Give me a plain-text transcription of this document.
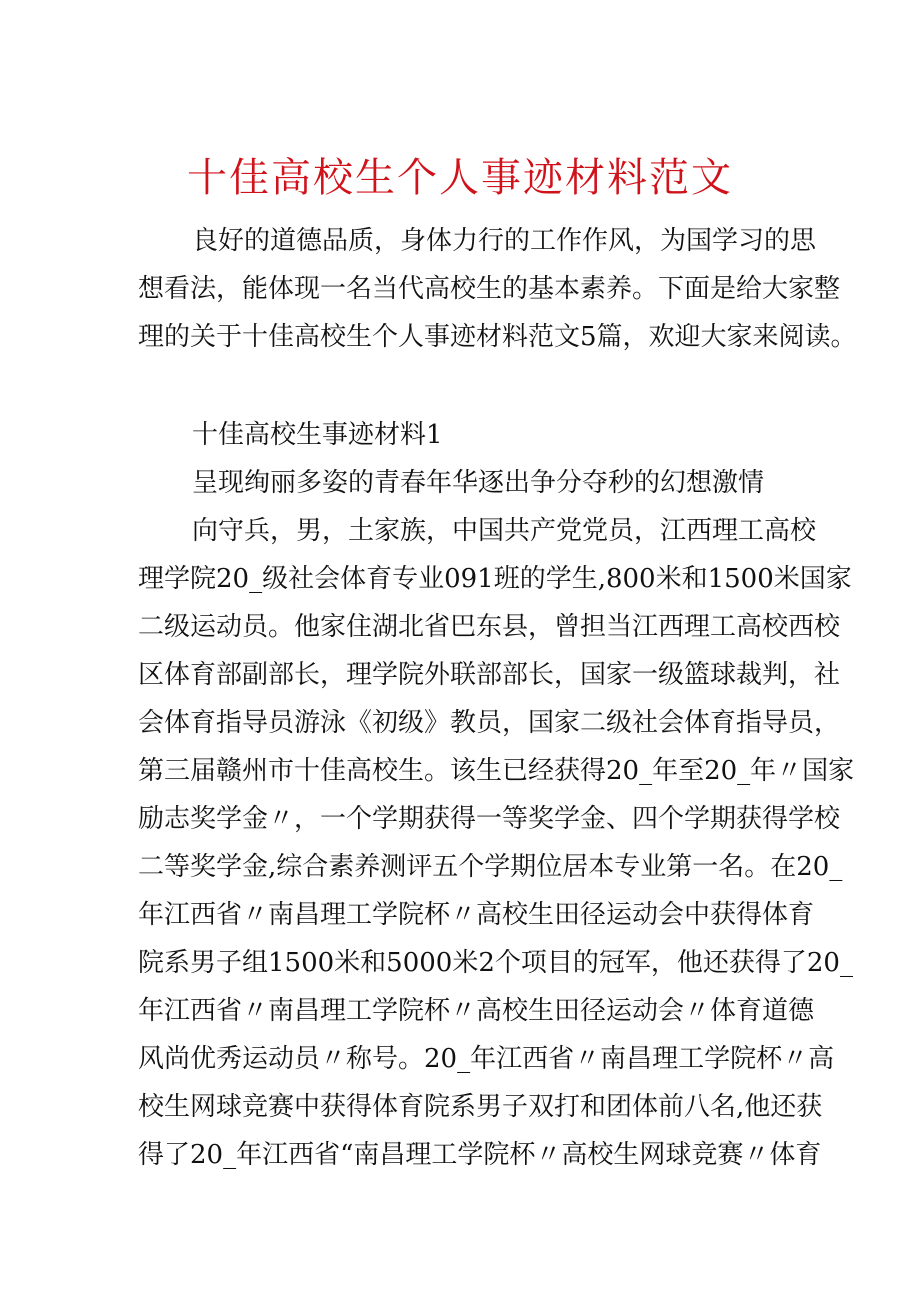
十佳高校生个人事迹材料范文
良好的道德品质，身体力行的工作作风，为国学习的思
想看法，能体现一名当代高校生的基本素养。下面是给大家整
理的关于十佳高校生个人事迹材料范文5篇，欢迎大家来阅读。
十佳高校生事迹材料1
呈现绚丽多姿的青春年华逐出争分夺秒的幻想激情
向守兵，男，土家族，中国共产党党员，江西理工高校
理学院20_级社会体育专业091班的学生,800米和1500米国家
二级运动员。他家住湖北省巴东县，曾担当江西理工高校西校
区体育部副部长，理学院外联部部长，国家一级篮球裁判，社
会体育指导员游泳《初级》教员，国家二级社会体育指导员，
第三届赣州市十佳高校生。该生已经获得20_年至20_年〃国家
励志奖学金〃，一个学期获得一等奖学金、四个学期获得学校
二等奖学金,综合素养测评五个学期位居本专业第一名。在20_
年江西省〃南昌理工学院杯〃高校生田径运动会中获得体育
院系男子组1500米和5000米2个项目的冠军，他还获得了20_
年江西省〃南昌理工学院杯〃高校生田径运动会〃体育道德
风尚优秀运动员〃称号。20_年江西省〃南昌理工学院杯〃高
校生网球竞赛中获得体育院系男子双打和团体前八名,他还获
得了20_年江西省“南昌理工学院杯〃高校生网球竞赛〃体育
